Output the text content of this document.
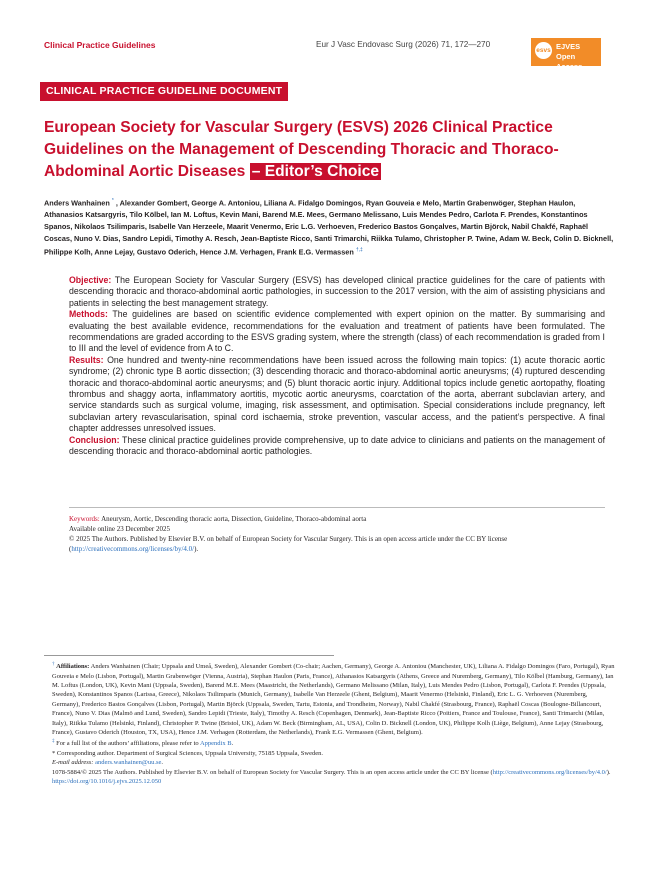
Clinical Practice Guidelines	Eur J Vasc Endovasc Surg (2026) 71, 172—270
esvs EJVES
Open Access
CLINICAL PRACTICE GUIDELINE DOCUMENT
European Society for Vascular Surgery (ESVS) 2026 Clinical Practice Guidelines on the Management of Descending Thoracic and Thoraco-Abdominal Aortic Diseases – Editor’s Choice
Anders Wanhainen * , Alexander Gombert, George A. Antoniou, Liliana A. Fidalgo Domingos, Ryan Gouveia e Melo, Martin Grabenwöger, Stephan Haulon, Athanasios Katsargyris, Tilo Kölbel, Ian M. Loftus, Kevin Mani, Barend M.E. Mees, Germano Melissano, Luis Mendes Pedro, Carlota F. Prendes, Konstantinos Spanos, Nikolaos Tsilimparis, Isabelle Van Herzeele, Maarit Venermo, Eric L.G. Verhoeven, Frederico Bastos Gonçalves, Martin Björck, Nabil Chakfé, Raphaël Coscas, Nuno V. Dias, Sandro Lepidi, Timothy A. Resch, Jean-Baptiste Ricco, Santi Trimarchi, Riikka Tulamo, Christopher P. Twine, Adam W. Beck, Colin D. Bicknell, Philippe Kolh, Anne Lejay, Gustavo Oderich, Hence J.M. Verhagen, Frank E.G. Vermassen †,‡

Objective: The European Society for Vascular Surgery (ESVS) has developed clinical practice guidelines for the care of patients with descending thoracic and thoraco-abdominal aortic pathologies, in succession to the 2017 version, with the aim of assisting physicians and patients in selecting the best management strategy.

Methods: The guidelines are based on scientific evidence complemented with expert opinion on the matter. By summarising and evaluating the best available evidence, recommendations for the evaluation and treatment of patients have been formulated. The recommendations are graded according to the ESVS grading system, where the strength (class) of each recommendation is graded from I to III and the level of evidence from A to C.

Results: One hundred and twenty-nine recommendations have been issued across the following main topics: (1) acute thoracic aortic syndrome; (2) chronic type B aortic dissection; (3) descending thoracic and thoraco-abdominal aortic aneurysms; (4) ruptured descending thoracic and thoraco-abdominal aortic aneurysms; and (5) blunt thoracic aortic injury. Additional topics include genetic aortopathy, floating thrombus and shaggy aorta, inflammatory aortitis, mycotic aortic aneurysms, coarctation of the aorta, aberrant subclavian artery, and service standards such as surgical volume, imaging, risk assessment, and optimisation. Special considerations include pregnancy, left subclavian artery revascularisation, spinal cord ischaemia, stroke prevention, vascular access, and the patient’s perspective. A final chapter addresses unresolved issues.

Conclusion: These clinical practice guidelines provide comprehensive, up to date advice to clinicians and patients on the management of descending thoracic and thoraco-abdominal aortic pathologies.

Keywords: Aneurysm, Aortic, Descending thoracic aorta, Dissection, Guideline, Thoraco-abdominal aorta

Available online 23 December 2025

© 2025 The Authors. Published by Elsevier B.V. on behalf of European Society for Vascular Surgery. This is an open access article under the CC BY license (http://creativecommons.org/licenses/by/4.0/).

† Affiliations: Anders Wanhainen (Chair; Uppsala and Umeå, Sweden), Alexander Gombert (Co-chair; Aachen, Germany), George A. Antoniou (Manchester, UK), Liliana A. Fidalgo Domingos (Faro, Portugal), Ryan Gouveia e Melo (Lisbon, Portugal), Martin Grabenwöger (Vienna, Austria), Stephan Haulon (Paris, France), Athanasios Katsargyris (Athens, Greece and Nuremberg, Germany), Tilo Kölbel (Hamburg, Germany), Ian M. Loftus (London, UK), Kevin Mani (Uppsala, Sweden), Barend M.E. Mees (Maastricht, the Netherlands), Germano Melissano (Milan, Italy), Luis Mendes Pedro (Lisbon, Portugal), Carlota F. Prendes (Uppsala, Sweden), Konstantinos Spanos (Larissa, Greece), Nikolaos Tsilimparis (Munich, Germany), Isabelle Van Herzeele (Ghent, Belgium), Maarit Venermo (Helsinki, Finland), Eric L. G. Verhoeven (Nuremberg, Germany), Frederico Bastos Gonçalves (Lisbon, Portugal), Martin Björck (Uppsala, Sweden, Tartu, Estonia, and Trondheim, Norway), Nabil Chakfé (Strasbourg, France), Raphaël Coscas (Boulogne-Billancourt, France), Nuno V. Dias (Malmö and Lund, Sweden), Sandro Lepidi (Trieste, Italy), Timothy A. Resch (Copenhagen, Denmark), Jean-Baptiste Ricco (Poitiers, France and Toulouse, France), Santi Trimarchi (Milan, Italy), Riikka Tulamo (Helsinki, Finland), Christopher P. Twine (Bristol, UK), Adam W. Beck (Birmingham, AL, USA), Colin D. Bicknell (London, UK), Philippe Kolh (Liège, Belgium), Anne Lejay (Strasbourg, France), Gustavo Oderich (Houston, TX, USA), Hence J.M. Verhagen (Rotterdam, the Netherlands), Frank E.G. Vermassen (Ghent, Belgium).

‡ For a full list of the authors’ affiliations, please refer to Appendix B.

* Corresponding author. Department of Surgical Sciences, Uppsala University, 75185 Uppsala, Sweden.

E-mail address: anders.wanhainen@uu.se.

1078-5884/© 2025 The Authors. Published by Elsevier B.V. on behalf of European Society for Vascular Surgery. This is an open access article under the CC BY license (http://creativecommons.org/licenses/by/4.0/).

https://doi.org/10.1016/j.ejvs.2025.12.050
